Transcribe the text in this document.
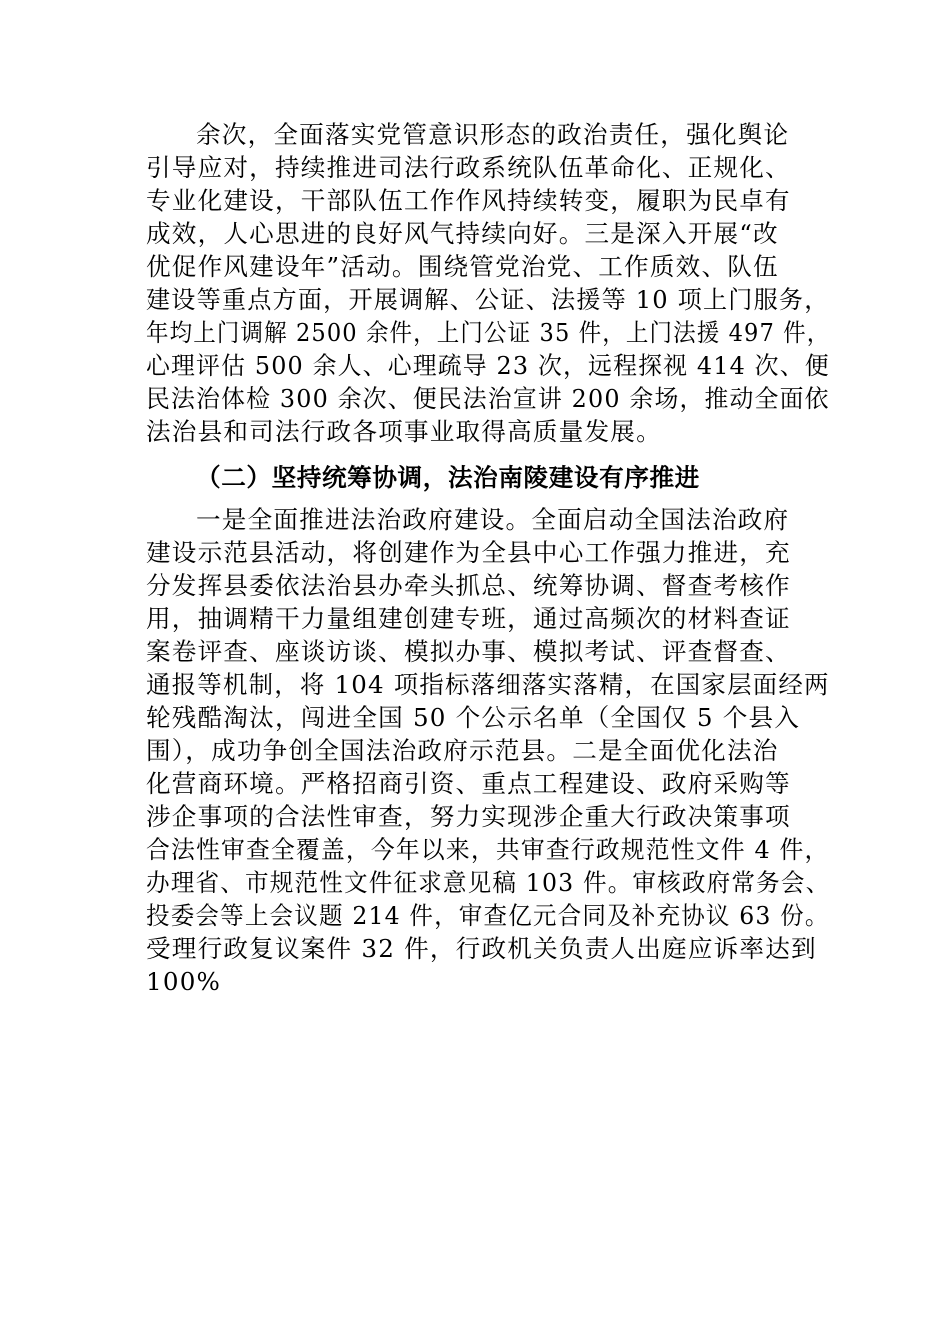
余次，全面落实党管意识形态的政治责任，强化舆论
引导应对，持续推进司法行政系统队伍革命化、正规化、
专业化建设，干部队伍工作作风持续转变，履职为民卓有
成效，人心思进的良好风气持续向好。三是深入开展“改
优促作风建设年”活动。围绕管党治党、工作质效、队伍
建设等重点方面，开展调解、公证、法援等 10 项上门服务，
年均上门调解 2500 余件，上门公证 35 件，上门法援 497 件，
心理评估 500 余人、心理疏导 23 次，远程探视 414 次、便
民法治体检 300 余次、便民法治宣讲 200 余场，推动全面依
法治县和司法行政各项事业取得高质量发展。
（二）坚持统筹协调，法治南陵建设有序推进
一是全面推进法治政府建设。全面启动全国法治政府
建设示范县活动，将创建作为全县中心工作强力推进，充
分发挥县委依法治县办牵头抓总、统筹协调、督查考核作
用，抽调精干力量组建创建专班，通过高频次的材料查证
案卷评查、座谈访谈、模拟办事、模拟考试、评查督查、
通报等机制，将 104 项指标落细落实落精，在国家层面经两
轮残酷淘汰，闯进全国 50 个公示名单（全国仅 5 个县入
围），成功争创全国法治政府示范县。二是全面优化法治
化营商环境。严格招商引资、重点工程建设、政府采购等
涉企事项的合法性审查，努力实现涉企重大行政决策事项
合法性审查全覆盖，今年以来，共审查行政规范性文件 4 件，
办理省、市规范性文件征求意见稿 103 件。审核政府常务会、
投委会等上会议题 214 件，审查亿元合同及补充协议 63 份。
受理行政复议案件 32 件，行政机关负责人出庭应诉率达到
100%
